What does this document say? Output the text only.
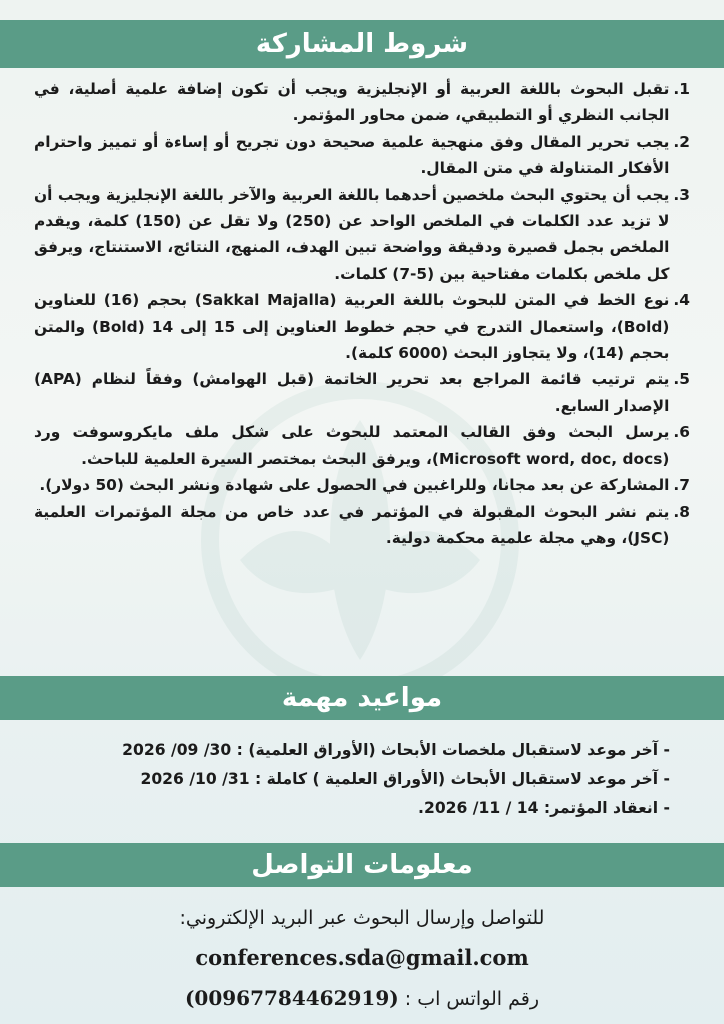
شروط المشاركة
1.
تقبل البحوث باللغة العربية أو الإنجليزية ويجب أن تكون إضافة علمية أصلية، في الجانب النظري أو التطبيقي، ضمن محاور المؤتمر.
2.
يجب تحرير المقال وفق منهجية علمية صحيحة دون تجريح أو إساءة أو تمييز واحترام الأفكار المتناولة في متن المقال.
3.
يجب أن يحتوي البحث ملخصين أحدهما باللغة العربية والآخر باللغة الإنجليزية ويجب أن لا تزيد عدد الكلمات في الملخص الواحد عن (250) ولا تقل عن (150) كلمة، ويقدم الملخص بجمل قصيرة ودقيقة وواضحة تبين الهدف، المنهج، النتائج، الاستنتاج، ويرفق كل ملخص بكلمات مفتاحية بين (5-7) كلمات.
4.
نوع الخط في المتن للبحوث باللغة العربية (Sakkal Majalla) بحجم (16) للعناوين (Bold)، واستعمال التدرج في حجم خطوط العناوين إلى 15 إلى 14 (Bold) والمتن بحجم (14)، ولا يتجاوز البحث (6000 كلمة).
5.
يتم ترتيب قائمة المراجع بعد تحرير الخاتمة (قبل الهوامش) وفقاً لنظام (APA) الإصدار السابع.
6.
يرسل البحث وفق القالب المعتمد للبحوث على شكل ملف مايكروسوفت ورد (Microsoft word, doc, docs)، ويرفق البحث بمختصر السيرة العلمية للباحث.
7.
المشاركة عن بعد مجانا، وللراغبين في الحصول على شهادة ونشر البحث (50 دولار).
8.
يتم نشر البحوث المقبولة في المؤتمر في عدد خاص من مجلة المؤتمرات العلمية (JSC)، وهي مجلة علمية محكمة دولية.
مواعيد مهمة
- آخر موعد لاستقبال ملخصات الأبحاث (الأوراق العلمية) : 30/ 09/ 2026
- آخر موعد لاستقبال الأبحاث (الأوراق العلمية ) كاملة : 31/ 10/ 2026
- انعقاد المؤتمر: 14 / 11/ 2026.
معلومات التواصل
للتواصل وإرسال البحوث عبر البريد الإلكتروني:
conferences.sda@gmail.com
رقم الواتس اب : (00967784462919)
